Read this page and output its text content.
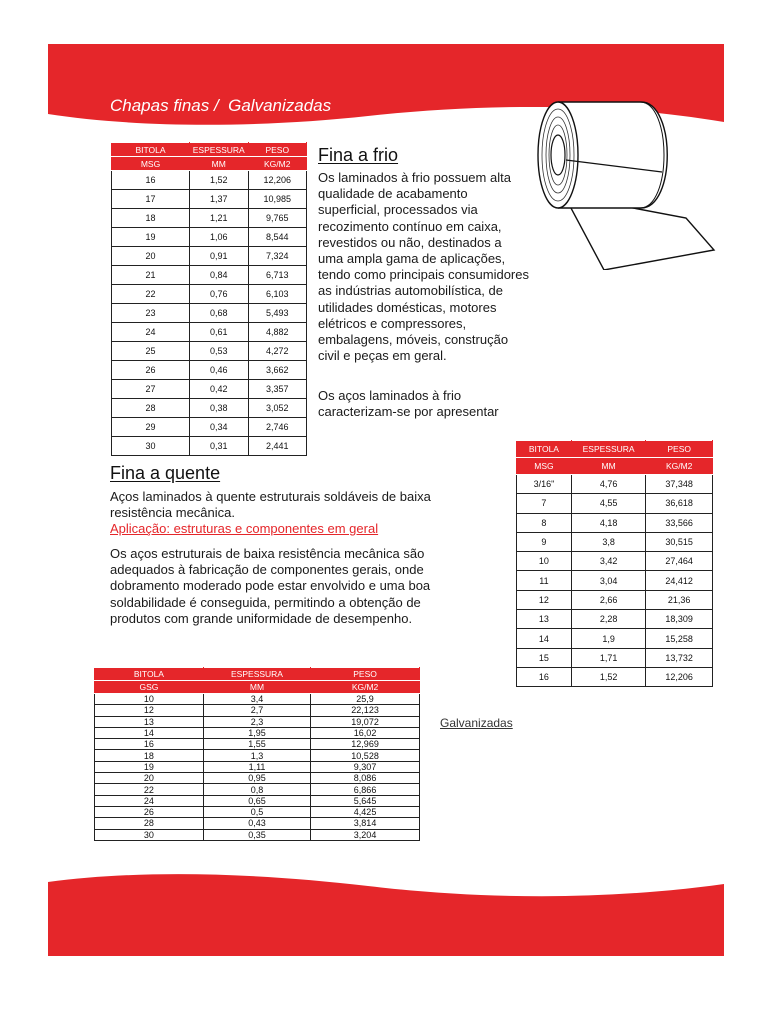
Chapas finas /  Galvanizadas
BITOLA	ESPESSURA	PESO
MSG	MM	KG/M2
16	1,52	12,206
17	1,37	10,985
18	1,21	9,765
19	1,06	8,544
20	0,91	7,324
21	0,84	6,713
22	0,76	6,103
23	0,68	5,493
24	0,61	4,882
25	0,53	4,272
26	0,46	3,662
27	0,42	3,357
28	0,38	3,052
29	0,34	2,746
30	0,31	2,441
Fina a frio

Os laminados à frio possuem alta qualidade de acabamento superficial, processados via recozimento contínuo em caixa, revestidos ou não, destinados a uma ampla gama de aplicações, tendo como principais consumidores as indústrias automobilística, de utilidades domésticas, motores elétricos e compressores, embalagens, móveis, construção civil e peças em geral.

Os aços laminados à frio caracterizam-se por apresentar

Fina a quente

Aços laminados à quente estruturais soldáveis de baixa resistência mecânica.

Aplicação: estruturas e componentes em geral

Os aços estruturais de baixa resistência mecânica são adequados à fabricação de componentes gerais, onde dobramento moderado pode estar envolvido e uma boa soldabilidade é conseguida, permitindo a obtenção de produtos com grande uniformidade de desempenho.

BITOLA	ESPESSURA	PESO
MSG	MM	KG/M2
3/16"	4,76	37,348
7	4,55	36,618
8	4,18	33,566
9	3,8	30,515
10	3,42	27,464
11	3,04	24,412
12	2,66	21,36
13	2,28	18,309
14	1,9	15,258
15	1,71	13,732
16	1,52	12,206
BITOLA	ESPESSURA	PESO
GSG	MM	KG/M2
10	3,4	25,9
12	2,7	22,123
13	2,3	19,072
14	1,95	16,02
16	1,55	12,969
18	1,3	10,528
19	1,11	9,307
20	0,95	8,086
22	0,8	6,866
24	0,65	5,645
26	0,5	4,425
28	0,43	3,814
30	0,35	3,204

Galvanizadas
